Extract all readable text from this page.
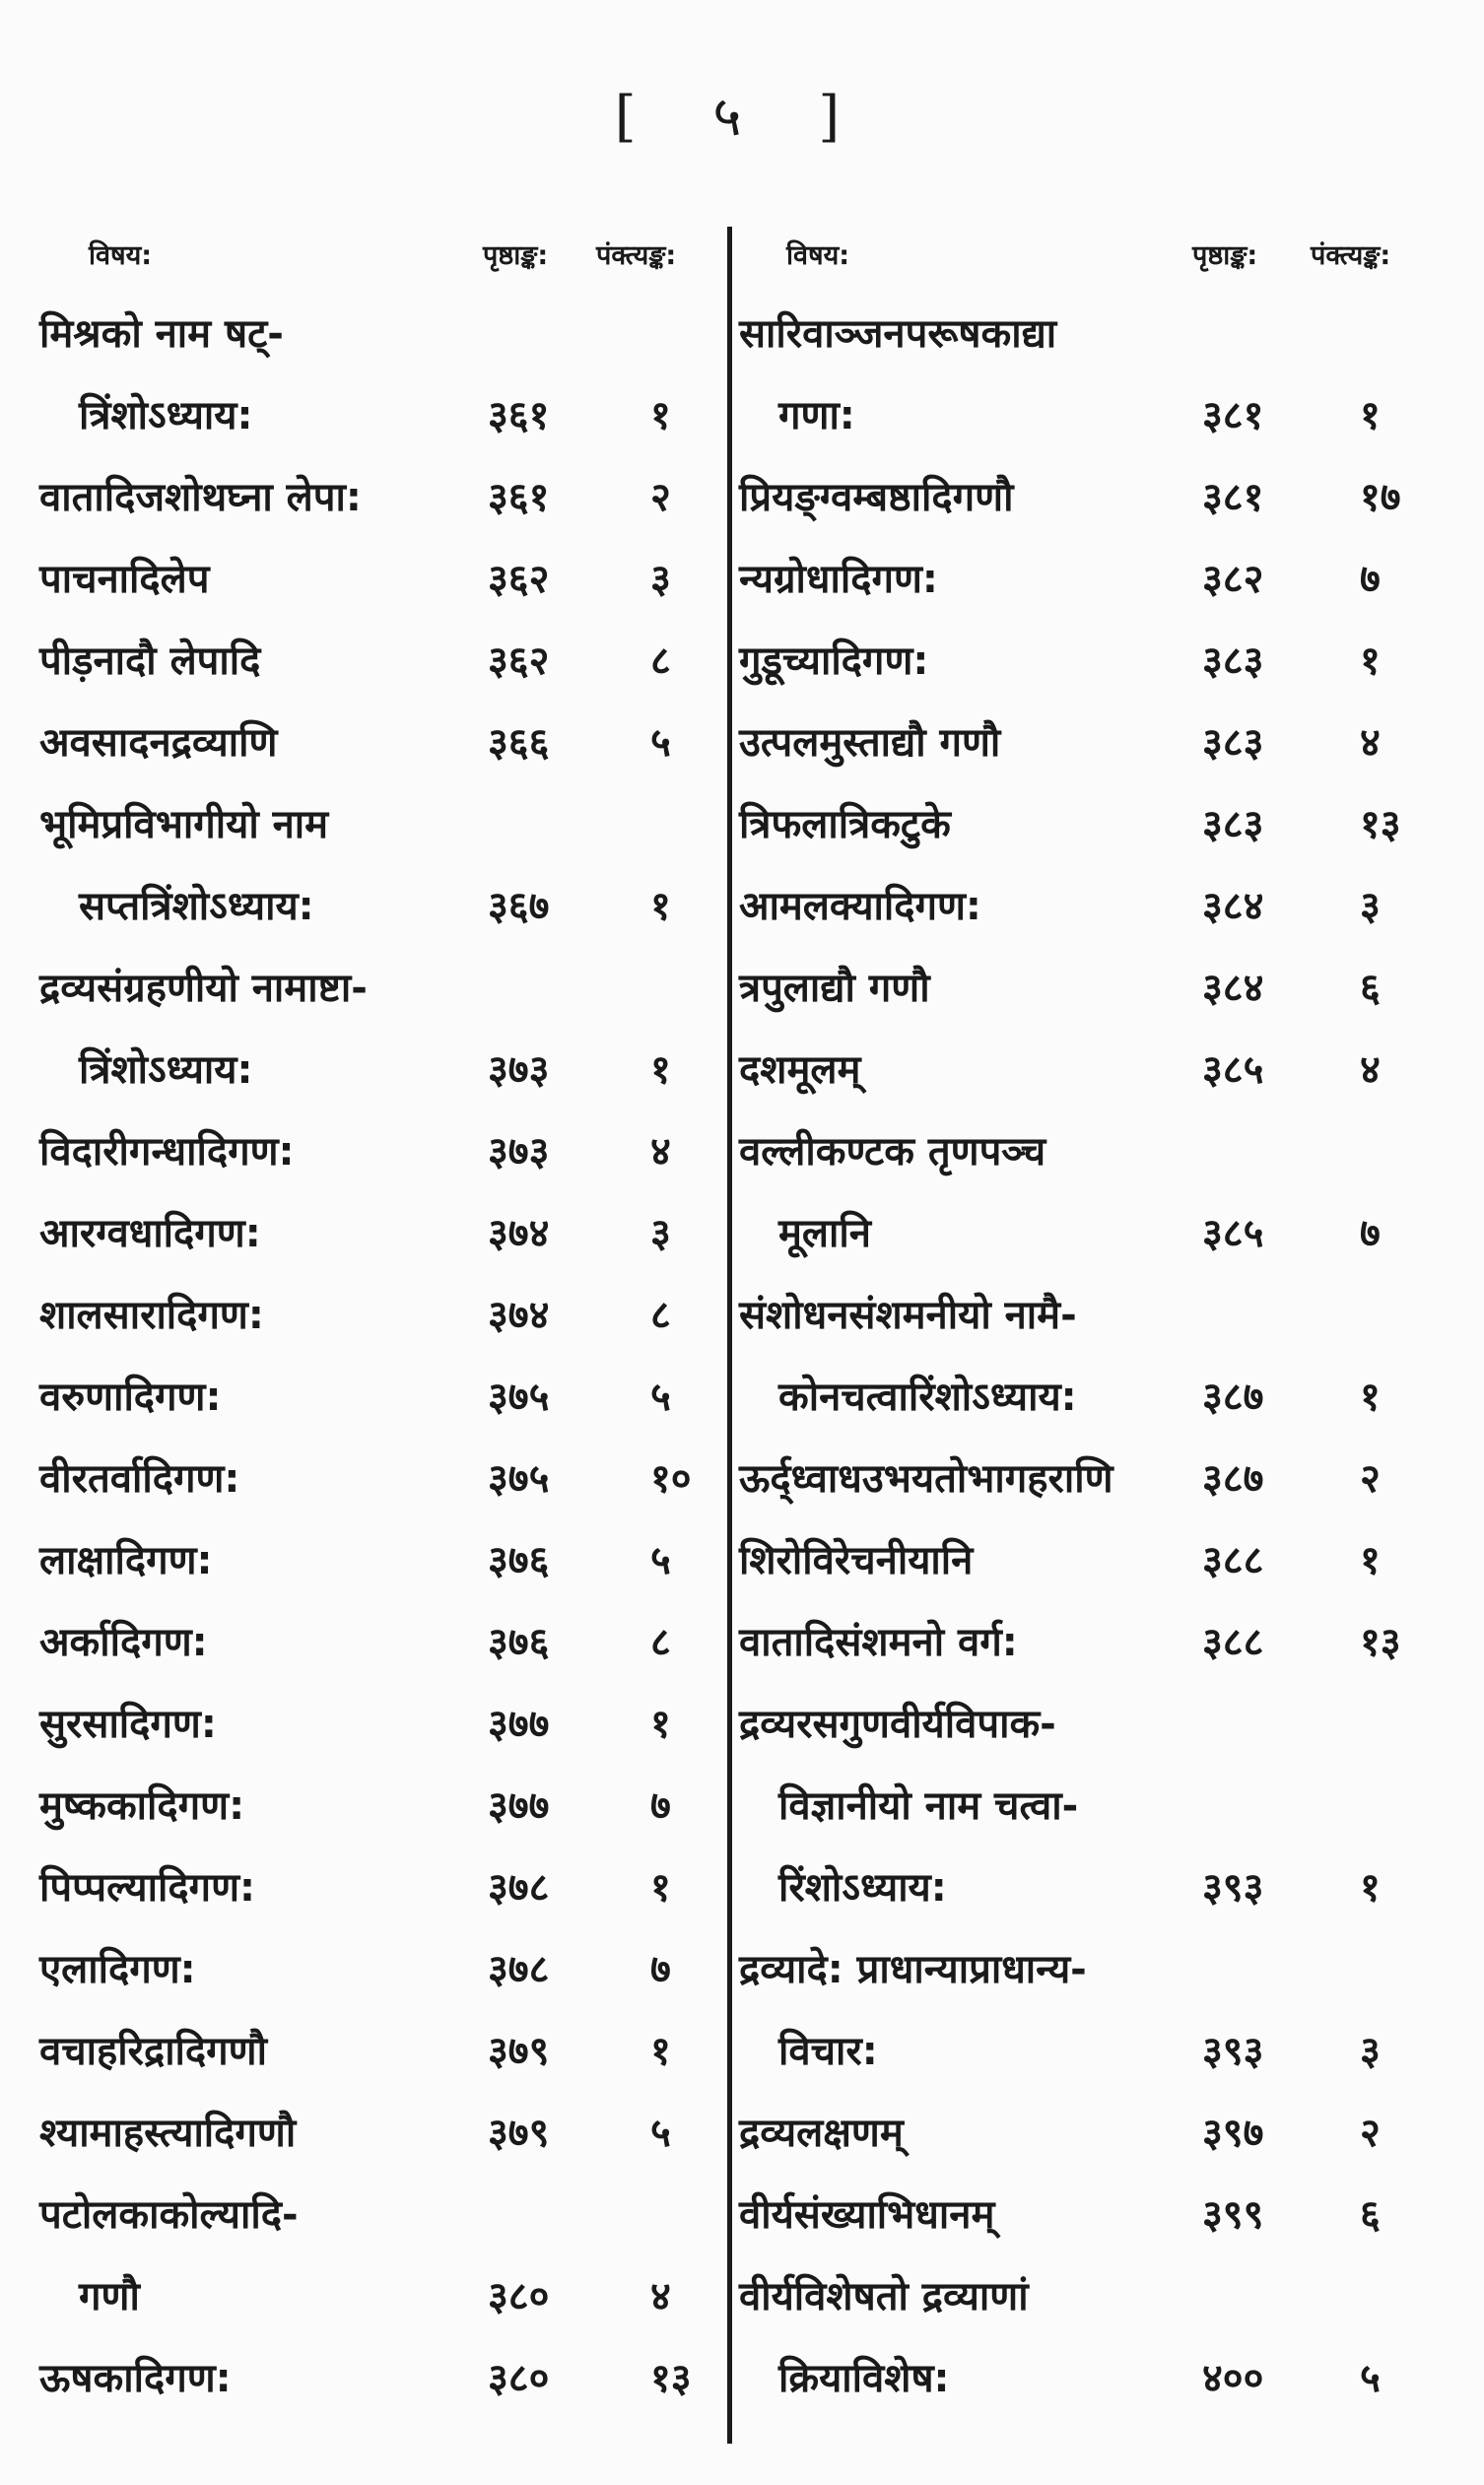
[ ५ ]
विषय:	पृष्ठाङ्क: पंक्त्यङ्क:
मिश्रको नाम षट्-
त्रिंशोऽध्याय:	३६१	१
वातादिजशोथघ्ना लेपा:	३६१	२
पाचनादिलेप	३६२	३
पीड़नादौ लेपादि	३६२	८
अवसादनद्रव्याणि	३६६	५
भूमिप्रविभागीयो नाम
सप्तत्रिंशोऽध्याय:	३६७	१
द्रव्यसंग्रहणीयो नामाष्टा-
त्रिंशोऽध्याय:	३७३	१
विदारीगन्धादिगण:	३७३	४
आरग्वधादिगण:	३७४	३
शालसारादिगण:	३७४	८
वरुणादिगण:	३७५	५
वीरतर्वादिगण:	३७५	१०
लाक्षादिगण:	३७६	५
अर्कादिगण:	३७६	८
सुरसादिगण:	३७७	१
मुष्ककादिगण:	३७७	७
पिप्पल्यादिगण:	३७८	१
एलादिगण:	३७८	७
वचाहरिद्रादिगणौ	३७९	१
श्यामाहस्त्यादिगणौ	३७९	५
पटोलकाकोल्यादि-
गणौ	३८०	४
ऊषकादिगण:	३८०	१३
विषय:	पृष्ठाङ्क: पंक्त्यङ्क:
सारिवाञ्जनपरूषकाद्या
गणा:	३८१ १
प्रियङ्ग्वम्बष्ठादिगणौ	३८१ १७
न्यग्रोधादिगण:	३८२ ७
गुडूच्यादिगण:	३८३ १
उत्पलमुस्ताद्यौ गणौ	३८३ ४
त्रिफलात्रिकटुके	३८३ १३
आमलक्यादिगण:	३८४ ३
त्रपुलाद्यौ गणौ	३८४ ६
दशमूलम्	३८५ ४
वल्लीकण्टक तृणपञ्च
मूलानि	३८५ ७
संशोधनसंशमनीयो नामै-
कोनचत्वारिंशोऽध्याय:	३८७ १
ऊर्द्ध्वाधउभयतोभागहराणि ३८७ २
शिरोविरेचनीयानि	३८८ १
वातादिसंशमनो वर्ग:	३८८ १३
द्रव्यरसगुणवीर्यविपाक-
विज्ञानीयो नाम चत्वा-
रिंशोऽध्याय:	३९३ १
द्रव्यादे: प्राधान्याप्राधान्य-
विचार:	३९३ ३
द्रव्यलक्षणम्	३९७ २
वीर्यसंख्याभिधानम्	३९९ ६
वीर्यविशेषतो द्रव्याणां
क्रियाविशेष:	४०० ५
